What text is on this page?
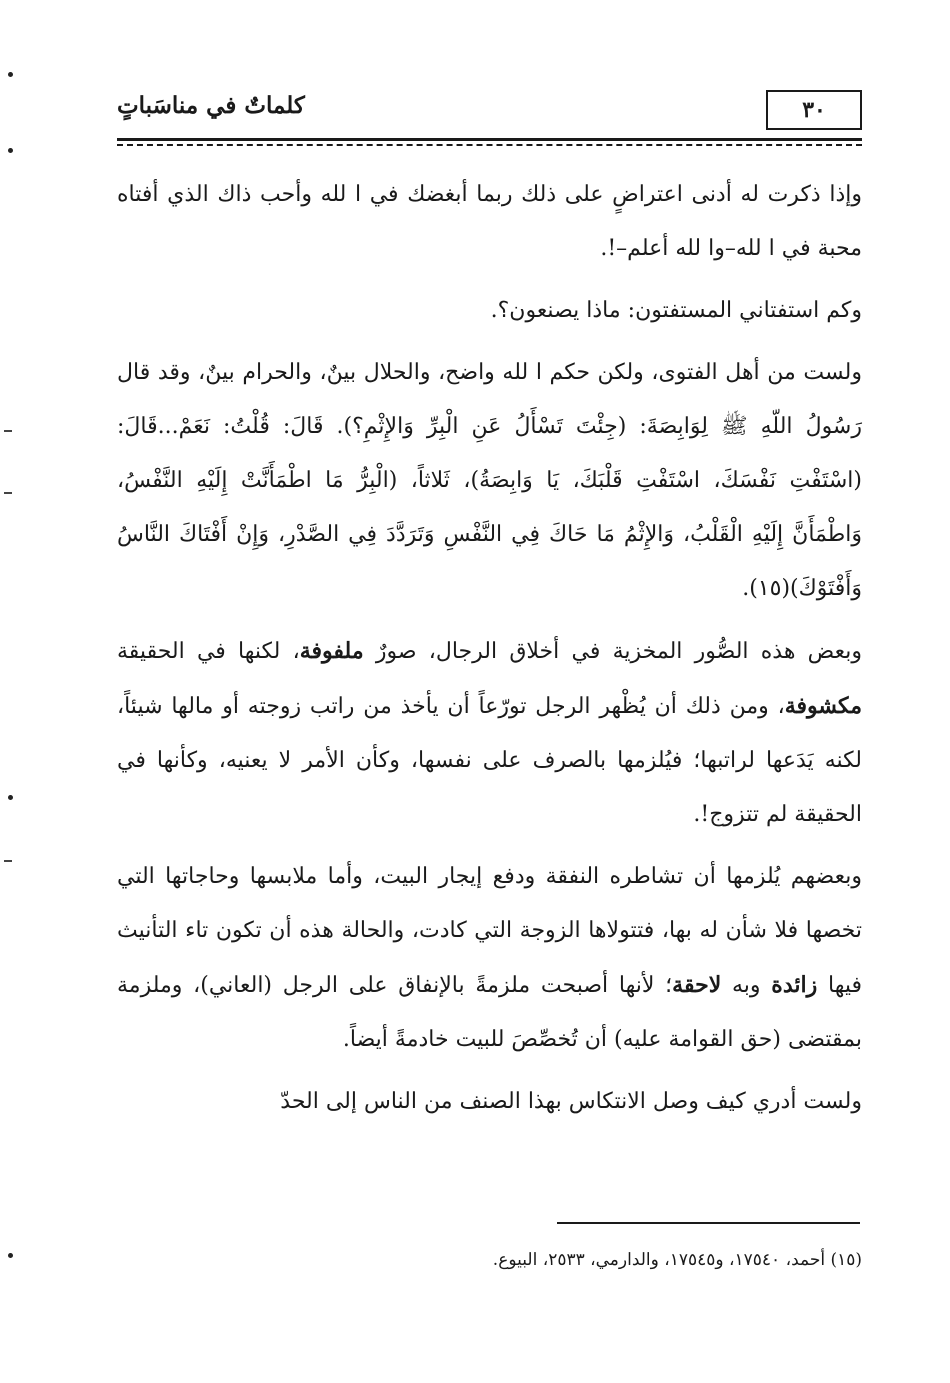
٣٠
كلماتٌ في مناسَباتٍ

وإذا ذكرت له أدنى اعتراضٍ على ذلك ربما أبغضك في ا لله وأحب ذاك الذي أفتاه محبة في ا لله–وا لله أعلم–!.

وكم استفتاني المستفتون: ماذا يصنعون؟.

ولست من أهل الفتوى، ولكن حكم ا لله واضح، والحلال بينٌ، والحرام بينٌ، وقد قال رَسُولُ اللّهِ ﷺ لِوَابِصَةَ: (جِئْتَ تَسْأَلُ عَنِ الْبِرِّ وَالإِثْمِ؟). قَالَ: قُلْتُ: نَعَمْ...قَالَ: (اسْتَفْتِ نَفْسَكَ، اسْتَفْتِ قَلْبَكَ، يَا وَابِصَةُ)، ثَلاثاً، (الْبِرُّ مَا اطْمَأَنَّتْ إِلَيْهِ النَّفْسُ، وَاطْمَأَنَّ إِلَيْهِ الْقَلْبُ، وَالإِثْمُ مَا حَاكَ فِي النَّفْسِ وَتَرَدَّدَ فِي الصَّدْرِ، وَإِنْ أَفْتَاكَ النَّاسُ وَأَفْتَوْكَ)(١٥).

وبعض هذه الصُّور المخزية في أخلاق الرجال، صورٌ ملفوفة، لكنها في الحقيقة مكشوفة، ومن ذلك أن يُظْهر الرجل تورّعاً أن يأخذ من راتب زوجته أو مالها شيئاً، لكنه يَدَعها لراتبها؛ فيُلزمها بالصرف على نفسها، وكأن الأمر لا يعنيه، وكأنها في الحقيقة لم تتزوج!.

وبعضهم يُلزمها أن تشاطره النفقة ودفع إيجار البيت، وأما ملابسها وحاجاتها التي تخصها فلا شأن له بها، فتتولاها الزوجة التي كادت، والحالة هذه أن تكون تاء التأنيث فيها زائدة وبه لاحقة؛ لأنها أصبحت ملزمةً بالإنفاق على الرجل (العاني)، وملزمة بمقتضى (حق القوامة عليه) أن تُخصِّصَ للبيت خادمةً أيضاً.

ولست أدري كيف وصل الانتكاس بهذا الصنف من الناس إلى الحدّ

(١٥) أحمد، ١٧٥٤٠، و١٧٥٤٥، والدارمي، ٢٥٣٣، البيوع.
